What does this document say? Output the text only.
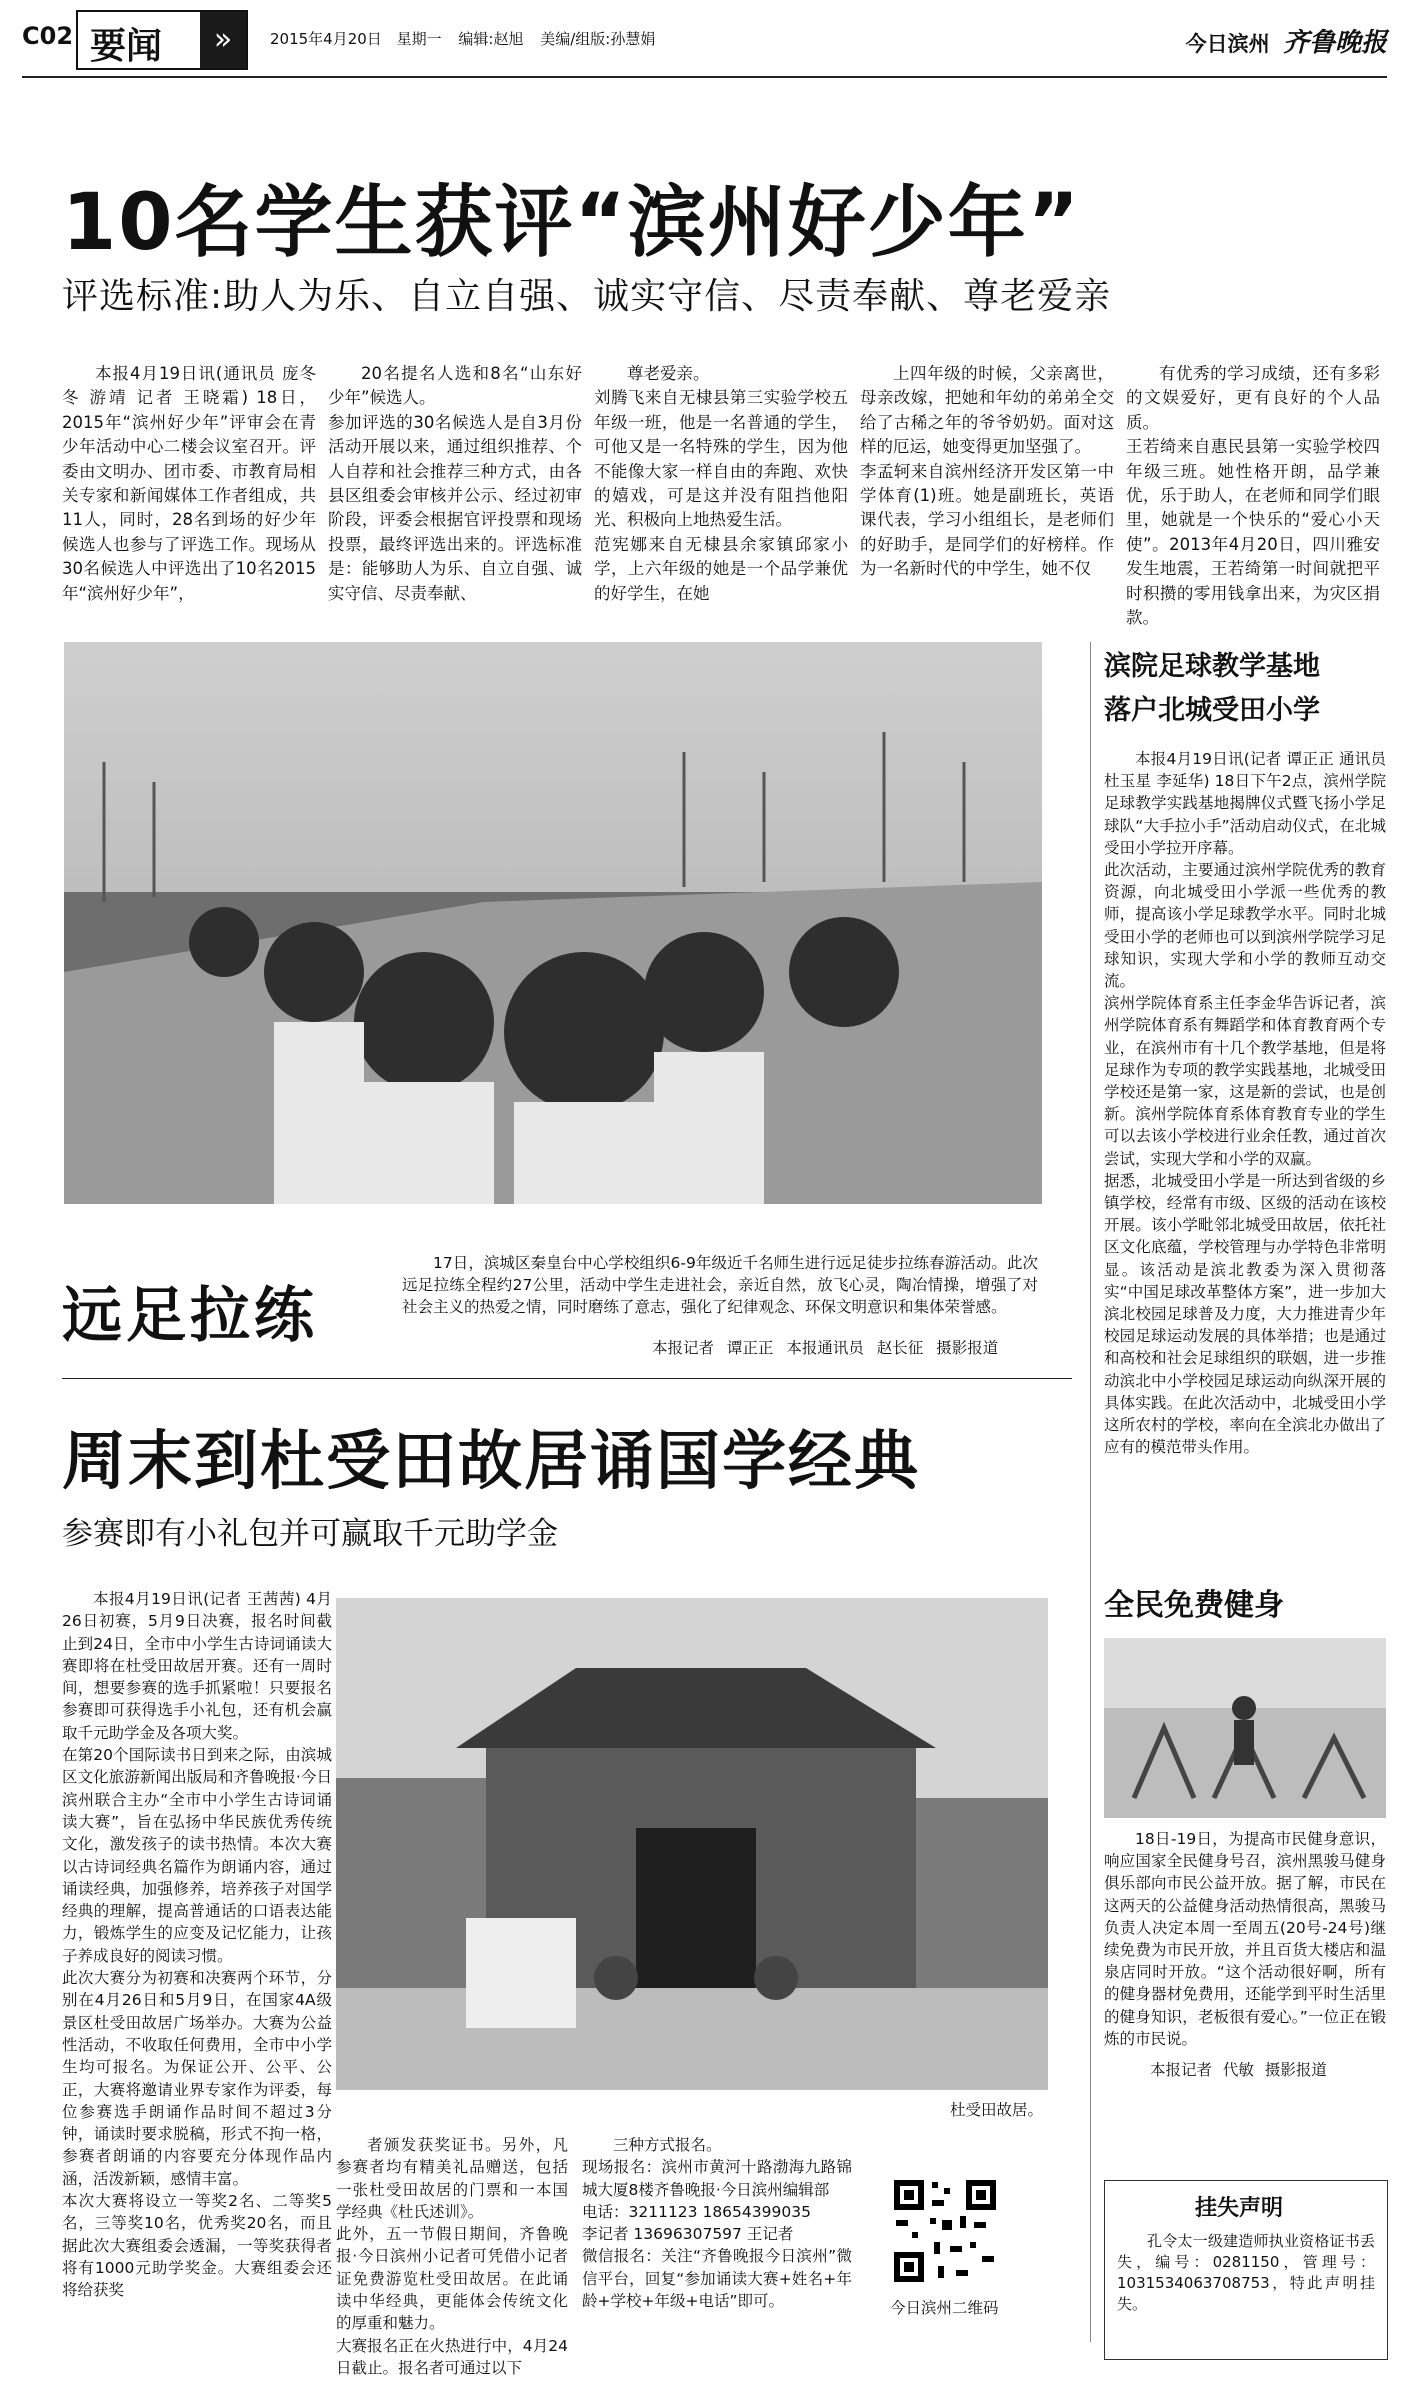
C02 要闻	»	2015年4月20日 星期一 编辑:赵旭 美编/组版:孙慧娟	今日滨州 齐鲁晚报
10名学生获评“滨州好少年”
评选标准:助人为乐、自立自强、诚实守信、尽责奉献、尊老爱亲

本报4月19日讯(通讯员 庞冬冬 游靖 记者 王晓霜) 18日，2015年“滨州好少年”评审会在青少年活动中心二楼会议室召开。评委由文明办、团市委、市教育局相关专家和新闻媒体工作者组成，共11人，同时，28名到场的好少年候选人也参与了评选工作。现场从30名候选人中评选出了10名2015年“滨州好少年”，

20名提名人选和8名“山东好少年”候选人。
参加评选的30名候选人是自3月份活动开展以来，通过组织推荐、个人自荐和社会推荐三种方式，由各县区组委会审核并公示、经过初审阶段，评委会根据官评投票和现场投票，最终评选出来的。评选标准是：能够助人为乐、自立自强、诚实守信、尽责奉献、

尊老爱亲。
刘腾飞来自无棣县第三实验学校五年级一班，他是一名普通的学生，可他又是一名特殊的学生，因为他不能像大家一样自由的奔跑、欢快的嬉戏，可是这并没有阻挡他阳光、积极向上地热爱生活。
范宪娜来自无棣县余家镇邱家小学，上六年级的她是一个品学兼优的好学生，在她

上四年级的时候，父亲离世，母亲改嫁，把她和年幼的弟弟全交给了古稀之年的爷爷奶奶。面对这样的厄运，她变得更加坚强了。
李孟轲来自滨州经济开发区第一中学体育(1)班。她是副班长，英语课代表，学习小组组长，是老师们的好助手，是同学们的好榜样。作为一名新时代的中学生，她不仅

有优秀的学习成绩，还有多彩的文娱爱好，更有良好的个人品质。
王若绮来自惠民县第一实验学校四年级三班。她性格开朗，品学兼优，乐于助人，在老师和同学们眼里，她就是一个快乐的“爱心小天使”。2013年4月20日，四川雅安发生地震，王若绮第一时间就把平时积攒的零用钱拿出来，为灾区捐款。

远足拉练
17日，滨城区秦皇台中心学校组织6-9年级近千名师生进行远足徒步拉练春游活动。此次远足拉练全程约27公里，活动中学生走进社会，亲近自然，放飞心灵，陶冶情操，增强了对社会主义的热爱之情，同时磨练了意志，强化了纪律观念、环保文明意识和集体荣誉感。
本报记者 谭正正 本报通讯员 赵长征 摄影报道
滨院足球教学基地
落户北城受田小学

本报4月19日讯(记者 谭正正 通讯员 杜玉星 李延华) 18日下午2点，滨州学院足球教学实践基地揭牌仪式暨飞扬小学足球队“大手拉小手”活动启动仪式，在北城受田小学拉开序幕。
此次活动，主要通过滨州学院优秀的教育资源，向北城受田小学派一些优秀的教师，提高该小学足球教学水平。同时北城受田小学的老师也可以到滨州学院学习足球知识，实现大学和小学的教师互动交流。
滨州学院体育系主任李金华告诉记者，滨州学院体育系有舞蹈学和体育教育两个专业，在滨州市有十几个教学基地，但是将足球作为专项的教学实践基地，北城受田学校还是第一家，这是新的尝试，也是创新。滨州学院体育系体育教育专业的学生可以去该小学校进行业余任教，通过首次尝试，实现大学和小学的双赢。
据悉，北城受田小学是一所达到省级的乡镇学校，经常有市级、区级的活动在该校开展。该小学毗邻北城受田故居，依托社区文化底蕴，学校管理与办学特色非常明显。该活动是滨北教委为深入贯彻落实“中国足球改革整体方案”，进一步加大滨北校园足球普及力度，大力推进青少年校园足球运动发展的具体举措；也是通过和高校和社会足球组织的联姻，进一步推动滨北中小学校园足球运动向纵深开展的具体实践。在此次活动中，北城受田小学这所农村的学校，率向在全滨北办做出了应有的模范带头作用。

全民免费健身

18日-19日，为提高市民健身意识，响应国家全民健身号召，滨州黑骏马健身俱乐部向市民公益开放。据了解，市民在这两天的公益健身活动热情很高，黑骏马负责人决定本周一至周五(20号-24号)继续免费为市民开放，并且百货大楼店和温泉店同时开放。“这个活动很好啊，所有的健身器材免费用，还能学到平时生活里的健身知识，老板很有爱心。”一位正在锻炼的市民说。

本报记者 代敏 摄影报道
挂失声明
孔令太一级建造师执业资格证书丢失，编号：0281150，管理号：1031534063708753，特此声明挂失。
周末到杜受田故居诵国学经典
参赛即有小礼包并可赢取千元助学金

本报4月19日讯(记者 王茜茜) 4月26日初赛，5月9日决赛，报名时间截止到24日，全市中小学生古诗词诵读大赛即将在杜受田故居开赛。还有一周时间，想要参赛的选手抓紧啦！只要报名参赛即可获得选手小礼包，还有机会赢取千元助学金及各项大奖。
在第20个国际读书日到来之际，由滨城区文化旅游新闻出版局和齐鲁晚报·今日滨州联合主办“全市中小学生古诗词诵读大赛”，旨在弘扬中华民族优秀传统文化，激发孩子的读书热情。本次大赛以古诗词经典名篇作为朗诵内容，通过诵读经典，加强修养，培养孩子对国学经典的理解，提高普通话的口语表达能力，锻炼学生的应变及记忆能力，让孩子养成良好的阅读习惯。
此次大赛分为初赛和决赛两个环节，分别在4月26日和5月9日，在国家4A级景区杜受田故居广场举办。大赛为公益性活动，不收取任何费用，全市中小学生均可报名。为保证公开、公平、公正，大赛将邀请业界专家作为评委，每位参赛选手朗诵作品时间不超过3分钟，诵读时要求脱稿，形式不拘一格，参赛者朗诵的内容要充分体现作品内涵，活泼新颖，感情丰富。
本次大赛将设立一等奖2名、二等奖5名，三等奖10名，优秀奖20名，而且据此次大赛组委会透漏，一等奖获得者将有1000元助学奖金。大赛组委会还将给获奖

杜受田故居。

者颁发获奖证书。另外，凡参赛者均有精美礼品赠送，包括一张杜受田故居的门票和一本国学经典《杜氏述训》。
此外，五一节假日期间，齐鲁晚报·今日滨州小记者可凭借小记者证免费游览杜受田故居。在此诵读中华经典，更能体会传统文化的厚重和魅力。
大赛报名正在火热进行中，4月24日截止。报名者可通过以下

三种方式报名。
现场报名：滨州市黄河十路渤海九路锦城大厦8楼齐鲁晚报·今日滨州编辑部
电话：3211123 18654399035
李记者 13696307597 王记者
微信报名：关注“齐鲁晚报今日滨州”微信平台，回复“参加诵读大赛+姓名+年龄+学校+年级+电话”即可。	今日滨州二维码
